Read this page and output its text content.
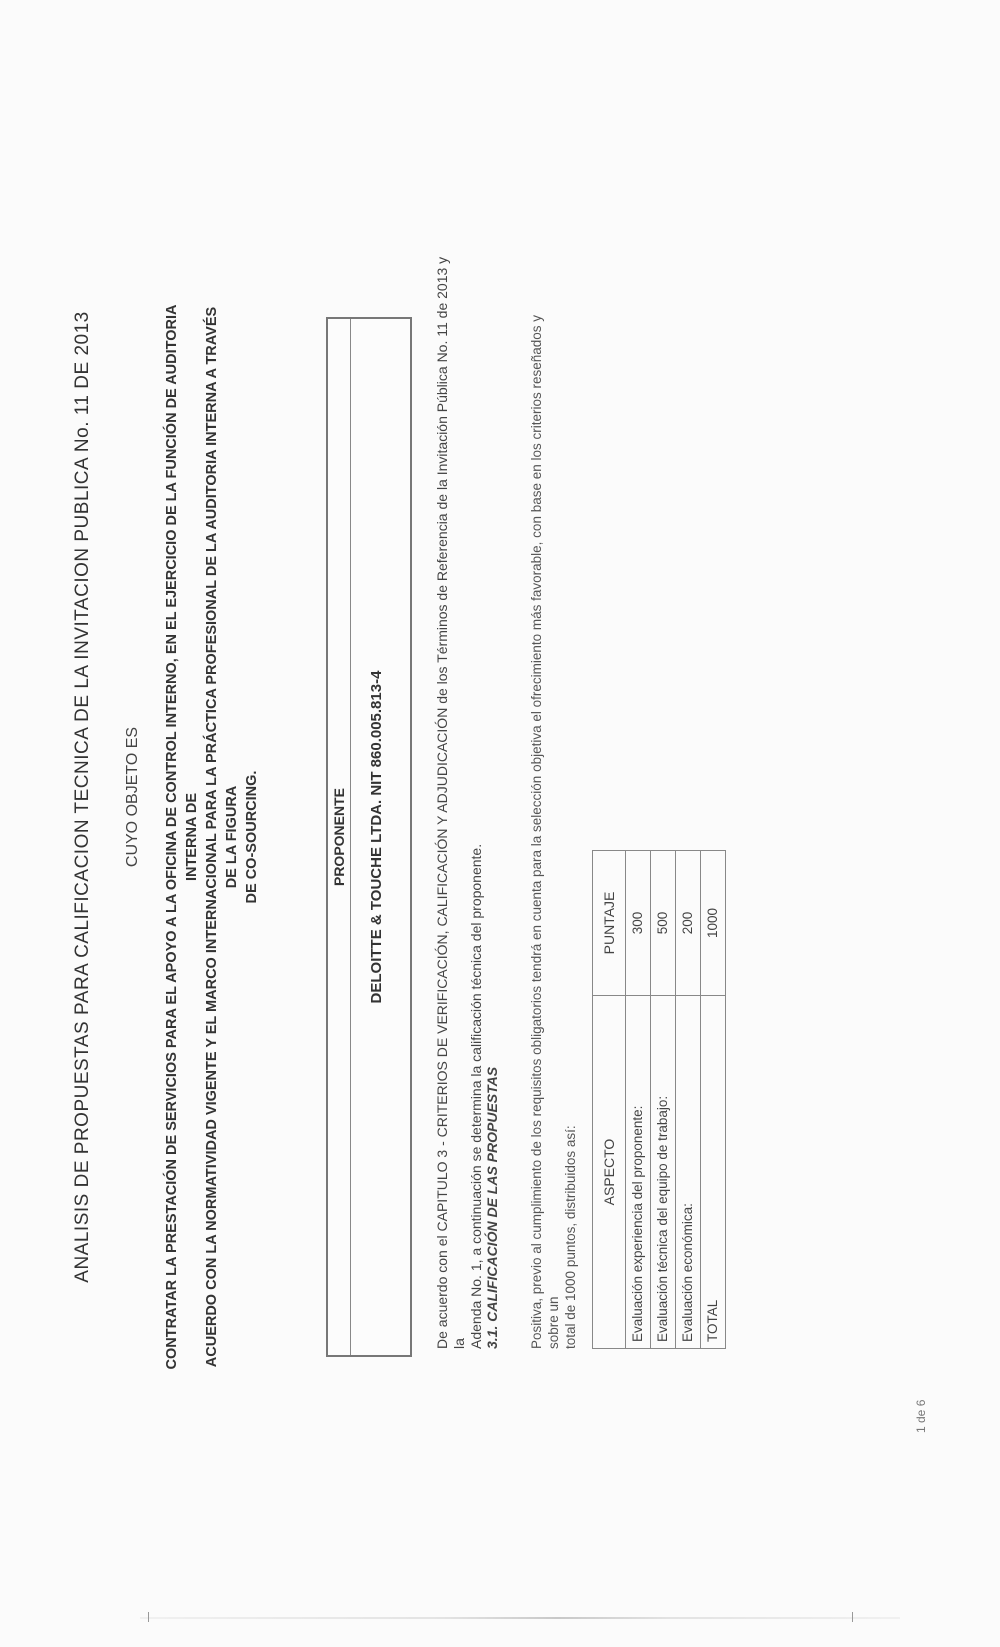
ANALISIS DE PROPUESTAS PARA CALIFICACION TECNICA DE LA INVITACION PUBLICA No. 11 DE 2013 CUYO OBJETO ES CONTRATAR LA PRESTACIÓN DE SERVICIOS PARA EL APOYO A LA OFICINA DE CONTROL INTERNO, EN EL EJERCICIO DE LA FUNCIÓN DE AUDITORIA INTERNA DE ACUERDO CON LA NORMATIVIDAD VIGENTE Y EL MARCO INTERNACIONAL PARA LA PRÁCTICA PROFESIONAL DE LA AUDITORIA INTERNA A TRAVÉS DE LA FIGURA DE CO-SOURCING.	PROPONENTE	DELOITTE & TOUCHE LTDA. NIT 860.005.813-4	De acuerdo con el CAPITULO 3 - CRITERIOS DE VERIFICACIÓN, CALIFICACIÓN Y ADJUDICACIÓN de los Términos de Referencia de la Invitación Pública No. 11 de 2013 y la Adenda No. 1, a continuación se determina la calificación técnica del proponente. 3.1. CALIFICACIÓN DE LAS PROPUESTAS Positiva, previo al cumplimiento de los requisitos obligatorios tendrá en cuenta para la selección objetiva el ofrecimiento más favorable, con base en los criterios reseñados y sobre un total de 1000 puntos, distribuidos así: ASPECTO	PUNTAJE
Evaluación experiencia del proponente:	300
Evaluación técnica del equipo de trabajo:	500
Evaluación económica:	200
TOTAL	1000
1 de 6
